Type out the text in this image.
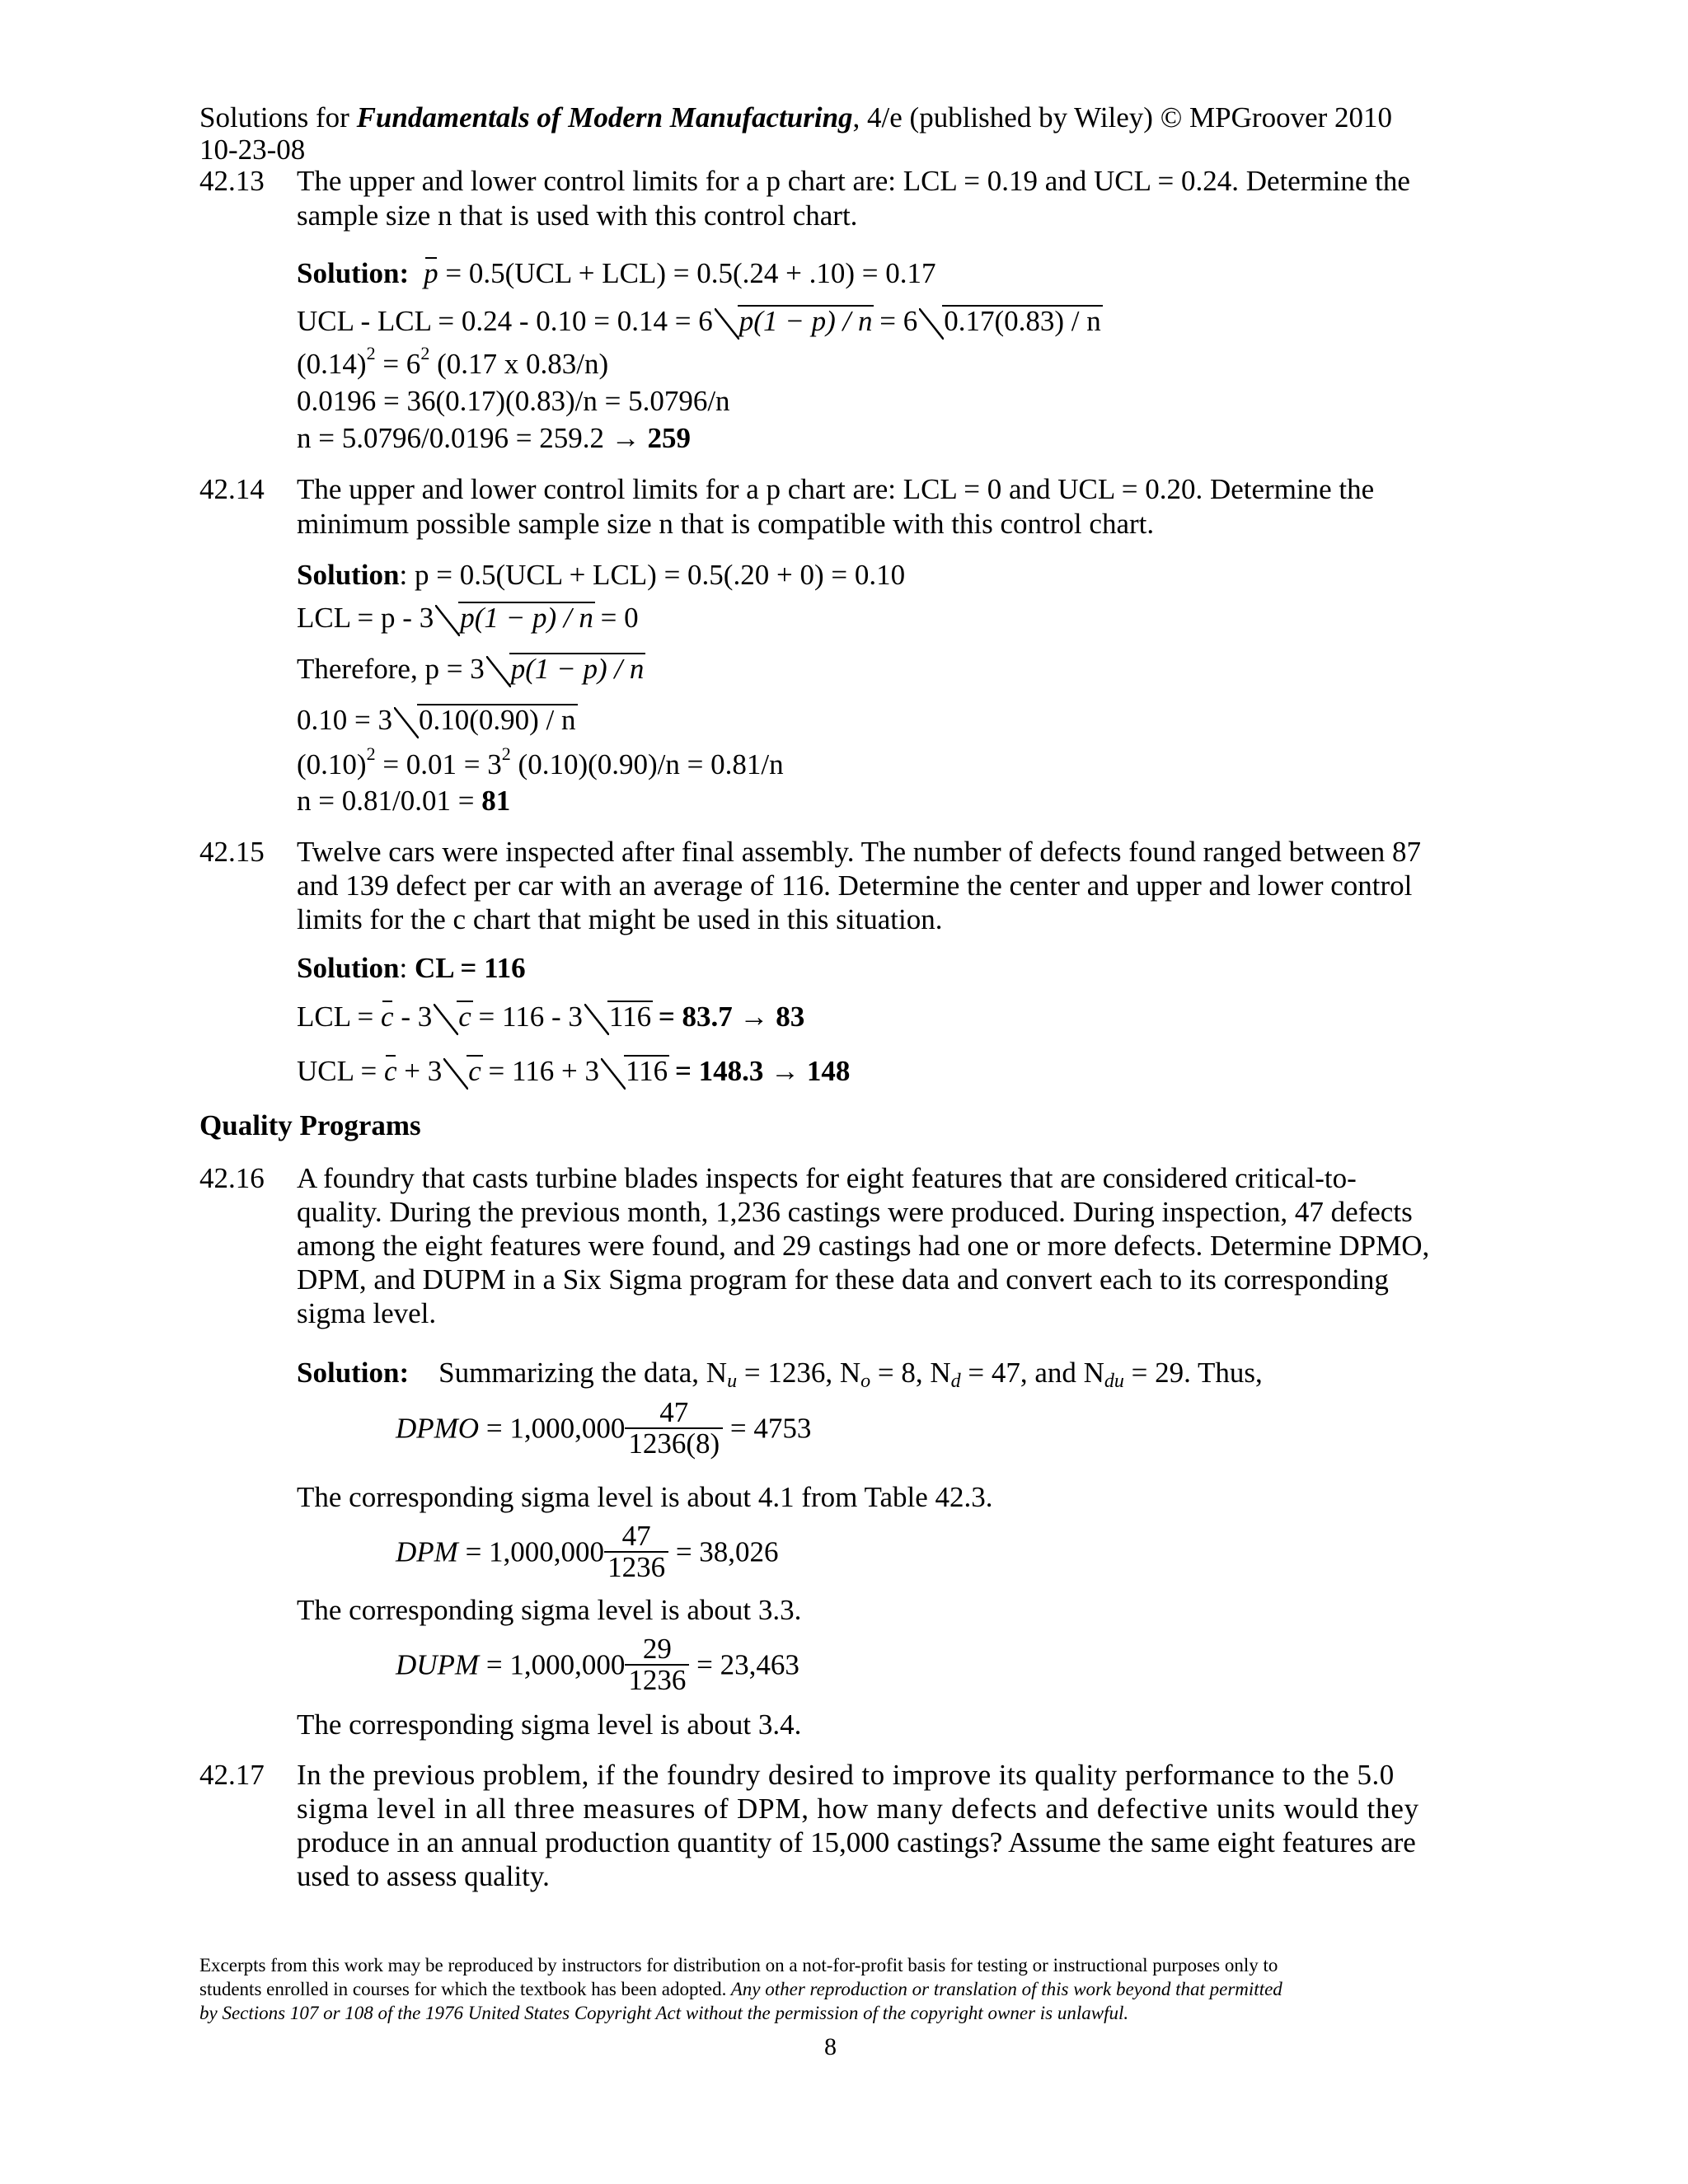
Solutions for Fundamentals of Modern Manufacturing, 4/e (published by Wiley) © MPGroover 2010
10-23-08
42.13 The upper and lower control limits for a p chart are: LCL = 0.19 and UCL = 0.24. Determine the
sample size n that is used with this control chart.
Solution: p = 0.5(UCL + LCL) = 0.5(.24 + .10) = 0.17
UCL - LCL = 0.24 - 0.10 = 0.14 = 6 p(1 − p) / n = 6 0.17(0.83) / n
$(0.14)^2 = 6^2$ (0.17 x 0.83/n)
0.0196 = 36(0.17)(0.83)/n = 5.0796/n
n = 5.0796/0.0196 = 259.2 → 259
42.14 The upper and lower control limits for a p chart are: LCL = 0 and UCL = 0.20. Determine the
minimum possible sample size n that is compatible with this control chart.
Solution: p = 0.5(UCL + LCL) = 0.5(.20 + 0) = 0.10
LCL = p - 3 p(1 − p) / n = 0
Therefore, p = 3 p(1 − p) / n
0.10 = 3 0.10(0.90) / n
$(0.10)^2 = 0.01 = 3^2$ (0.10)(0.90)/n = 0.81/n
n = 0.81/0.01 = 81
42.15 Twelve cars were inspected after final assembly. The number of defects found ranged between 87
and 139 defect per car with an average of 116. Determine the center and upper and lower control
limits for the c chart that might be used in this situation.
Solution: CL = 116
LCL = c - 3 c = 116 - 3 116 = 83.7 → 83
UCL = c + 3 c = 116 + 3 116 = 148.3 → 148
Quality Programs
42.16 A foundry that casts turbine blades inspects for eight features that are considered critical-to-
quality. During the previous month, 1,236 castings were produced. During inspection, 47 defects
among the eight features were found, and 29 castings had one or more defects. Determine DPMO,
DPM, and DUPM in a Six Sigma program for these data and convert each to its corresponding
sigma level.
Solution: Summarizing the data, $N_u = 1236$, $N_o = 8$, $N_d = 47$, and $N_{du} = 29$. Thus,
DPMO = $1,000,000 \frac{47}{1236(8)} = 4753$
The corresponding sigma level is about 4.1 from Table 42.3.
DPM = $1,000,000 \frac{47}{1236} = 38,026$
The corresponding sigma level is about 3.3.
DUPM = $1,000,000 \frac{29}{1236} = 23,463$
The corresponding sigma level is about 3.4.
42.17 In the previous problem, if the foundry desired to improve its quality performance to the 5.0
sigma level in all three measures of DPM, how many defects and defective units would they
produce in an annual production quantity of 15,000 castings? Assume the same eight features are
used to assess quality.
Excerpts from this work may be reproduced by instructors for distribution on a not-for-profit basis for testing or instructional purposes only to
students enrolled in courses for which the textbook has been adopted. Any other reproduction or translation of this work beyond that permitted
by Sections 107 or 108 of the 1976 United States Copyright Act without the permission of the copyright owner is unlawful.
8
